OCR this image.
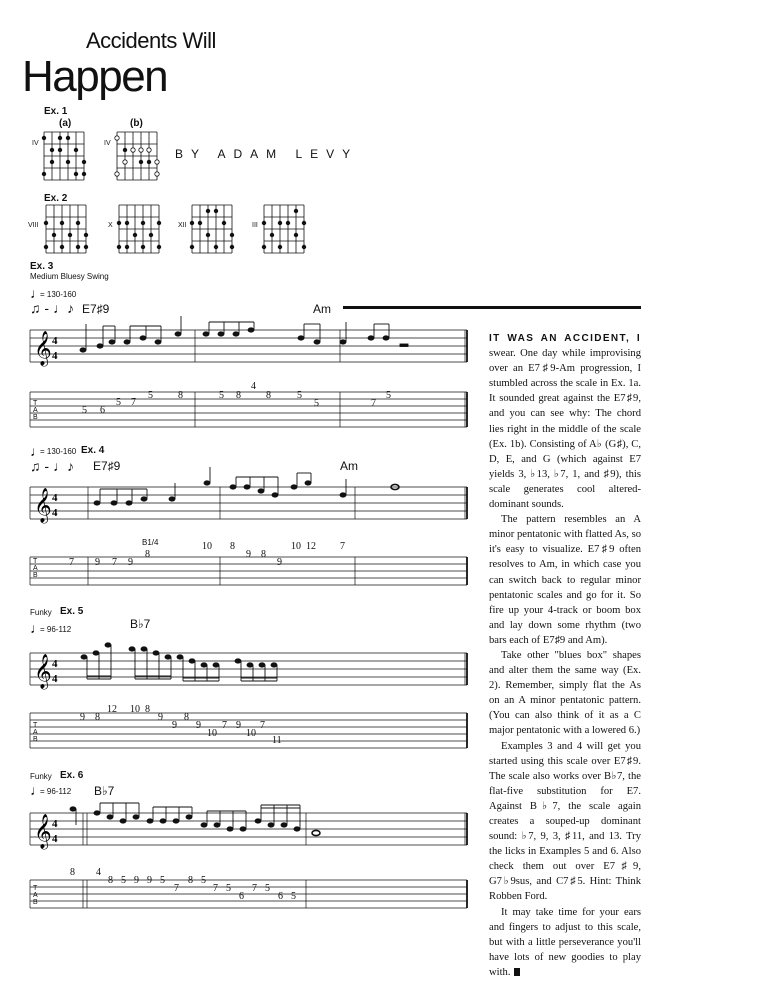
Accidents Will
Happen
BY ADAM LEVY
Ex. 1
(a)	(b)
IV	IV
Ex. 2
VIII	X	XII	III
Ex. 3
Medium Bluesy Swing
♩
= 130-160
♫ - ♩♪ E7♯9	Am
𝄞 4
4
T
A
B
5 6
5 7
5	8	5 8
4
8	5
5	7
5
♩
= 130-160 Ex. 4
♫ - ♩♪ E7♯9	Am
B1/4
𝄞 4
4
T
A
B
7 9 7 9
8
10 8
9 8
9
10 12 7
Funky Ex. 5
♩
= 96-112	B♭7
𝄞 4
4
T
A
B
9 8
12 10 8
9
9
8
9
10
7 9
10
7
11
Funky Ex. 6
♩
= 96-112 B♭7
𝄞 4
4
T
A
B
8 4
8 5 9 9 5
7
8 5
7 5
6
7 5
6 5

IT WAS AN ACCIDENT, I swear. One day while improvising over an E7♯9-Am progression, I stumbled across the scale in Ex. 1a. It sounded great against the E7♯9, and you can see why: The chord lies right in the middle of the scale (Ex. 1b). Consisting of A♭ (G♯), C, D, E, and G (which against E7 yields 3, ♭13, ♭7, 1, and ♯9), this scale generates cool altered-dominant sounds.

The pattern resembles an A minor pentatonic with flatted As, so it's easy to visualize. E7♯9 often resolves to Am, in which case you can switch back to regular minor pentatonic scales and go for it. So fire up your 4-track or boom box and lay down some rhythm (two bars each of E7♯9 and Am).

Take other "blues box" shapes and alter them the same way (Ex. 2). Remember, simply flat the As on an A minor pentatonic pattern. (You can also think of it as a C major pentatonic with a lowered 6.)

Examples 3 and 4 will get you started using this scale over E7♯9. The scale also works over B♭7, the flat-five substitution for E7. Against B♭7, the scale again creates a souped-up dominant sound: ♭7, 9, 3, ♯11, and 13. Try the licks in Examples 5 and 6. Also check them out over E7♯9, G7♭9sus, and C7♯5. Hint: Think Robben Ford.

It may take time for your ears and fingers to adjust to this scale, but with a little perseverance you'll have lots of new goodies to play with.
